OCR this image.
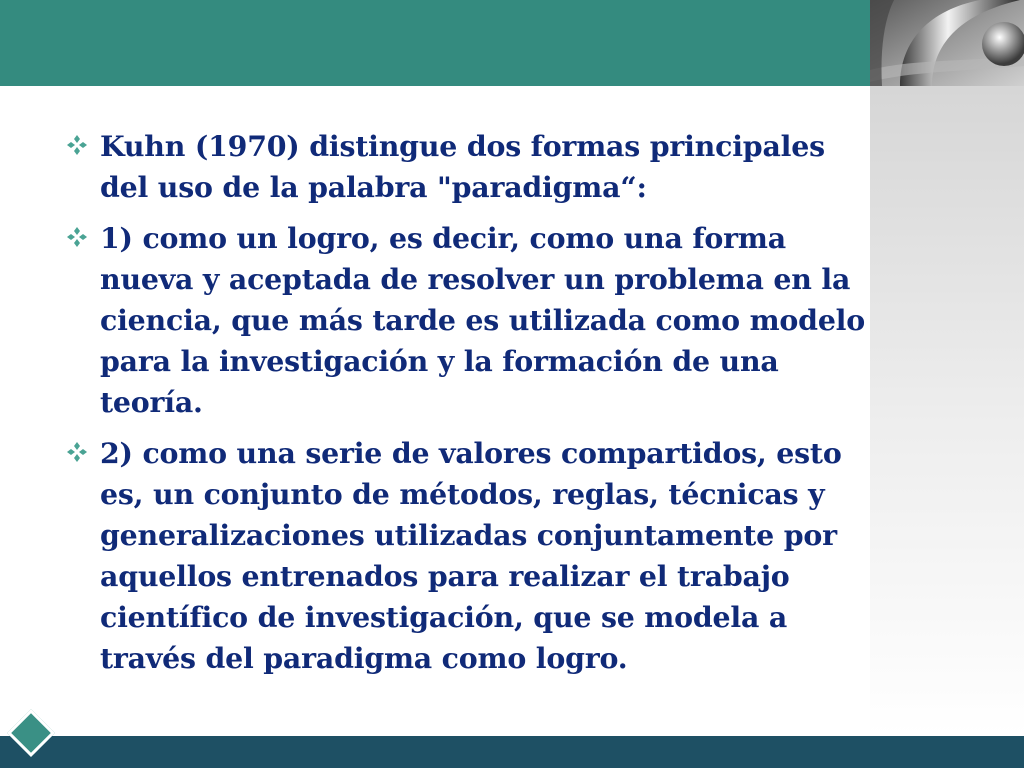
Kuhn (1970) distingue dos formas principales
del uso de la palabra "paradigma“:
1) como un logro, es decir, como una forma
nueva y aceptada de resolver un problema en la
ciencia, que más tarde es utilizada como modelo
para la investigación y la formación de una
teoría.
2) como una serie de valores compartidos, esto
es, un conjunto de métodos, reglas, técnicas y
generalizaciones utilizadas conjuntamente por
aquellos entrenados para realizar el trabajo
científico de investigación, que se modela a
través del paradigma como logro.
